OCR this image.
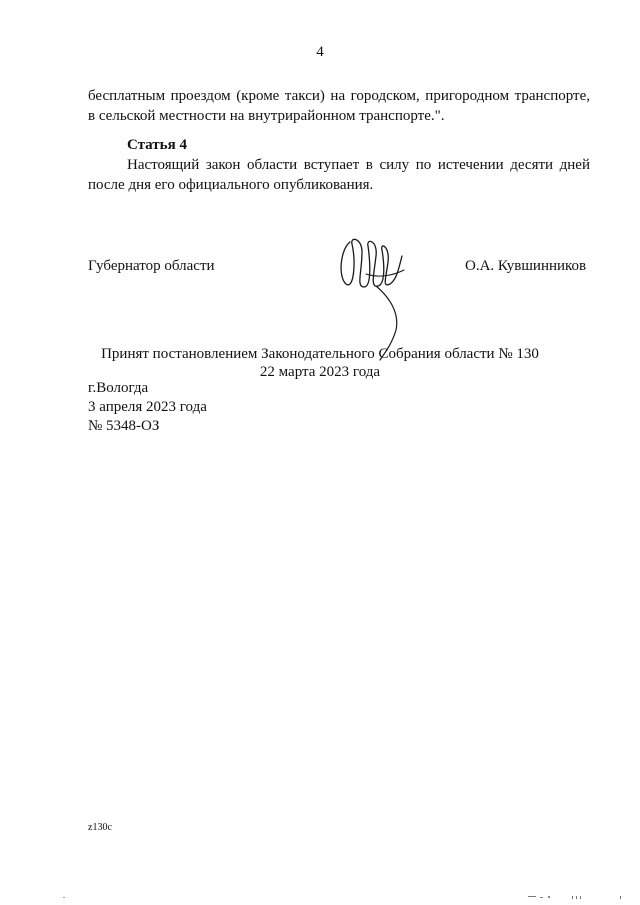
4
бесплатным проездом (кроме такси) на городском, пригородном транспорте,
в сельской местности на внутрирайонном транспорте.".
Статья 4
Настоящий закон области вступает в силу по истечении десяти дней
после дня его официального опубликования.
Губернатор области	О.А. Кувшинников
Принят постановлением Законодательного Собрания области № 130
22 марта 2023 года
г.Вологда
3 апреля 2023 года
№ 5348-ОЗ
z130c
